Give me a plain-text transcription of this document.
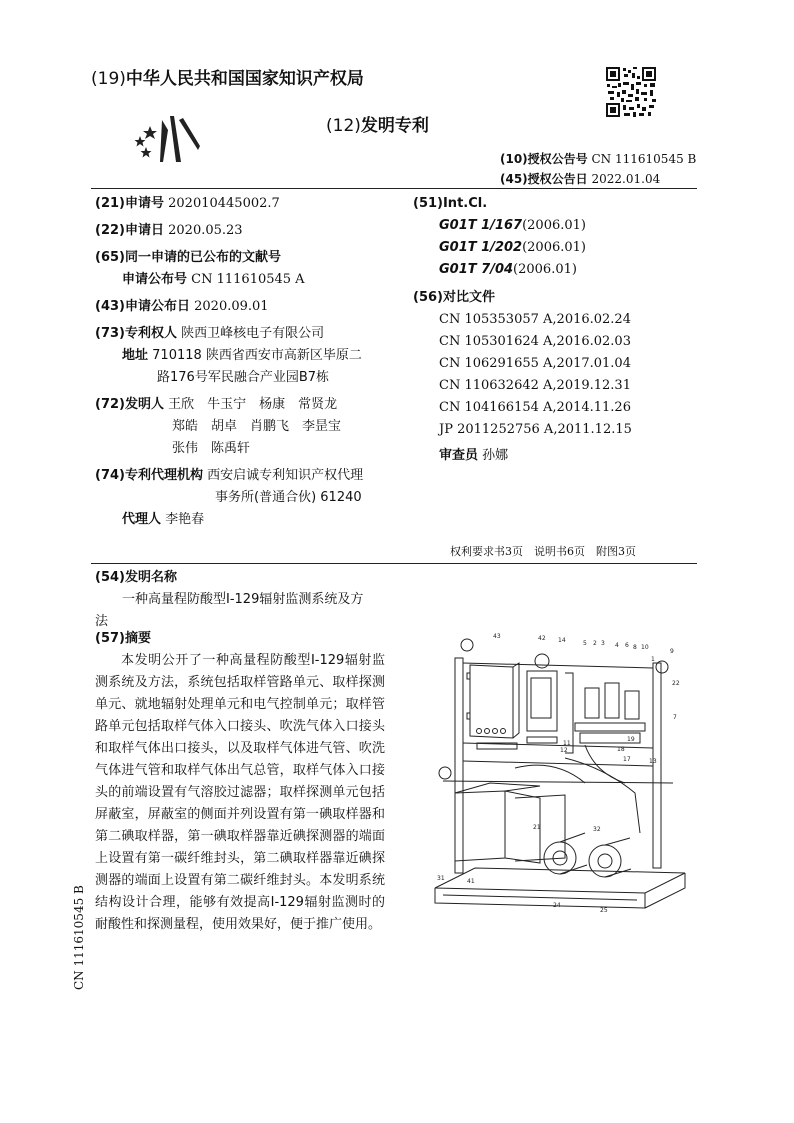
(19)中华人民共和国国家知识产权局
(12)发明专利
(10)授权公告号 CN 111610545 B
(45)授权公告日 2022.01.04
(21)申请号 202010445002.7
(22)申请日 2020.05.23
(65)同一申请的已公布的文献号
申请公布号 CN 111610545 A
(43)申请公布日 2020.09.01
(73)专利权人 陕西卫峰核电子有限公司
地址 710118 陕西省西安市高新区毕原二
路176号军民融合产业园B7栋
(72)发明人 王欣　牛玉宁　杨康　常贤龙
郑皓　胡卓　肖鹏飞　李昰宝
张伟　陈禹轩
(74)专利代理机构 西安启诚专利知识产权代理
事务所(普通合伙) 61240
代理人 李艳春
(51)Int.Cl.
G01T 1/167(2006.01)
G01T 1/202(2006.01)
G01T 7/04(2006.01)
(56)对比文件
CN 105353057 A,2016.02.24
CN 105301624 A,2016.02.03
CN 106291655 A,2017.01.04
CN 110632642 A,2019.12.31
CN 104166154 A,2014.11.26
JP 2011252756 A,2011.12.15
审查员 孙娜
权利要求书3页　说明书6页　附图3页
(54)发明名称
一种高量程防酸型I-129辐射监测系统及方
法
(57)摘要
本发明公开了一种高量程防酸型I-129辐射监测系统及方法，系统包括取样管路单元、取样探测单元、就地辐射处理单元和电气控制单元；取样管路单元包括取样气体入口接头、吹洗气体入口接头和取样气体出口接头，以及取样气体进气管、吹洗气体进气管和取样气体出气总管，取样气体入口接头的前端设置有气溶胶过滤器；取样探测单元包括屏蔽室，屏蔽室的侧面并列设置有第一碘取样器和第二碘取样器，第一碘取样器靠近碘探测器的端面上设置有第一碳纤维封头，第二碘取样器靠近碘探测器的端面上设置有第二碳纤维封头。本发明系统结构设计合理，能够有效提高I-129辐射监测时的耐酸性和探测量程，使用效果好，便于推广使用。
CN 111610545 B
43	42 14	5 2 3 4 6 8 10
1
9
22
7
11
12
19
18
17	13
31	41
24
25
21	32
